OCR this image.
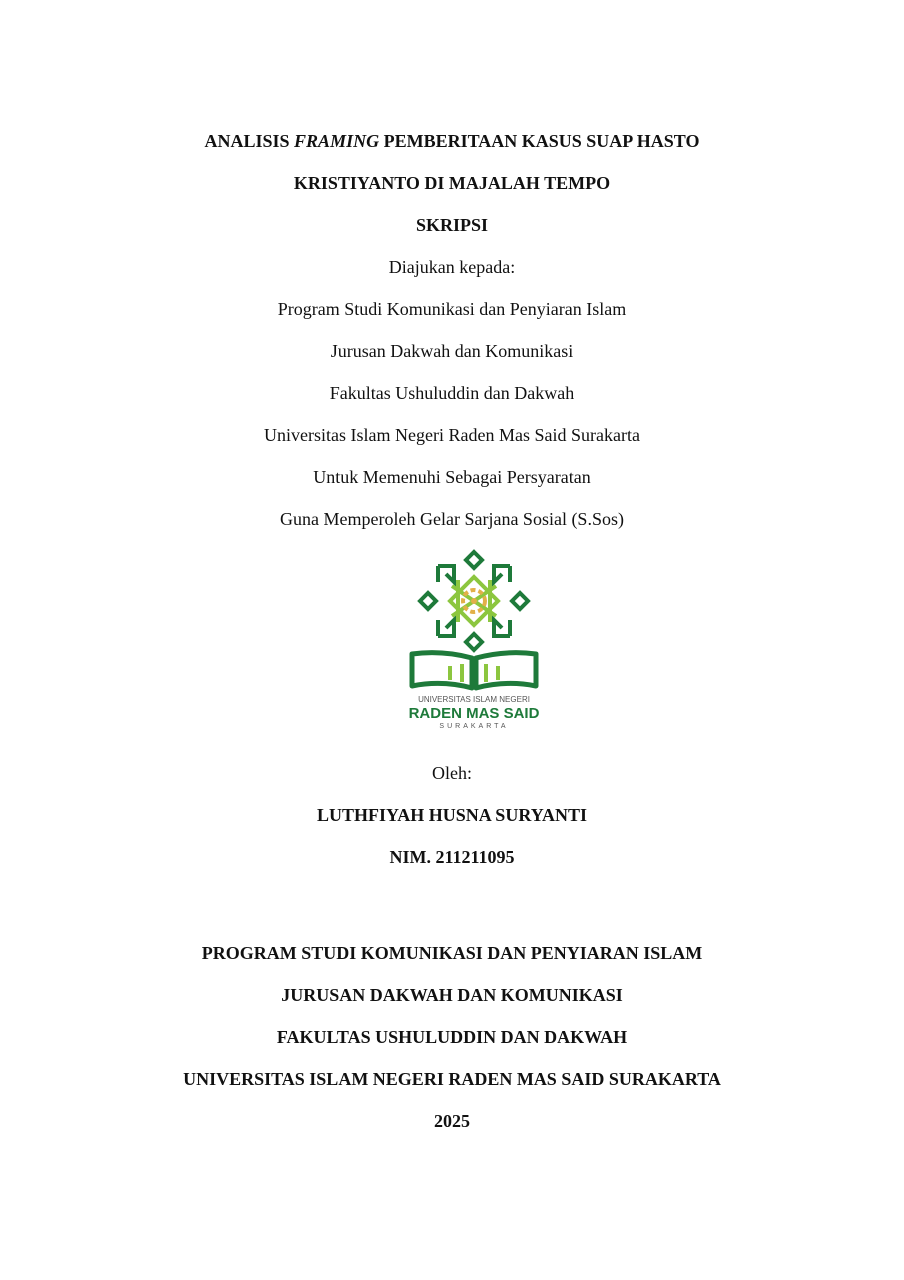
ANALISIS FRAMING PEMBERITAAN KASUS SUAP HASTO
KRISTIYANTO DI MAJALAH TEMPO
SKRIPSI
Diajukan kepada:
Program Studi Komunikasi dan Penyiaran Islam
Jurusan Dakwah dan Komunikasi
Fakultas Ushuluddin dan Dakwah
Universitas Islam Negeri Raden Mas Said Surakarta
Untuk Memenuhi Sebagai Persyaratan
Guna Memperoleh Gelar Sarjana Sosial (S.Sos)
UNIVERSITAS ISLAM NEGERI
RADEN MAS SAID
SURAKARTA
Oleh:
LUTHFIYAH HUSNA SURYANTI
NIM. 211211095
PROGRAM STUDI KOMUNIKASI DAN PENYIARAN ISLAM
JURUSAN DAKWAH DAN KOMUNIKASI
FAKULTAS USHULUDDIN DAN DAKWAH
UNIVERSITAS ISLAM NEGERI RADEN MAS SAID SURAKARTA
2025
